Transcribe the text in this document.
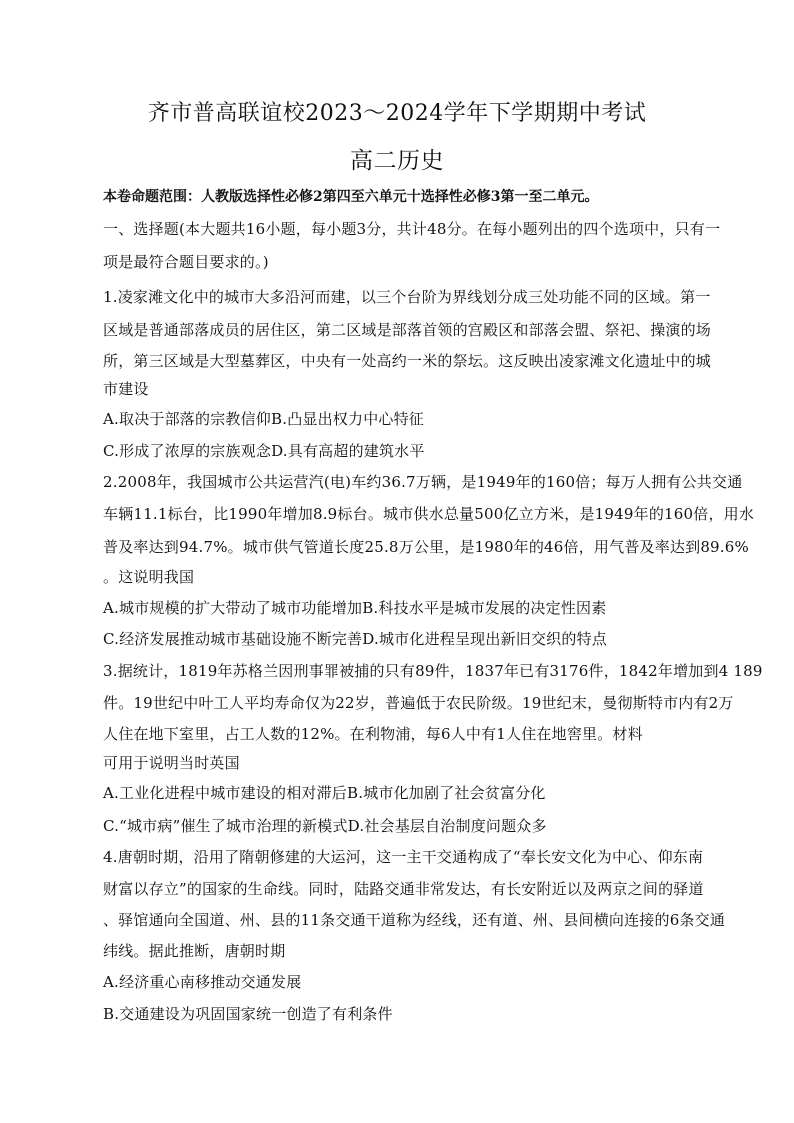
齐市普高联谊校2023～2024学年下学期期中考试
高二历史
本卷命题范围：人教版选择性必修2第四至六单元十选择性必修3第一至二单元。
一、选择题(本大题共16小题，每小题3分，共计48分。在每小题列出的四个选项中，只有一
项是最符合题目要求的。)
1.凌家滩文化中的城市大多沿河而建，以三个台阶为界线划分成三处功能不同的区域。第一
区域是普通部落成员的居住区，第二区域是部落首领的宫殿区和部落会盟、祭祀、操演的场
所，第三区域是大型墓葬区，中央有一处高约一米的祭坛。这反映出凌家滩文化遗址中的城
市建设
A.取决于部落的宗教信仰B.凸显出权力中心特征
C.形成了浓厚的宗族观念D.具有高超的建筑水平
2.2008年，我国城市公共运营汽(电)车约36.7万辆，是1949年的160倍；每万人拥有公共交通
车辆11.1标台，比1990年增加8.9标台。城市供水总量500亿立方米，是1949年的160倍，用水
普及率达到94.7%。城市供气管道长度25.8万公里，是1980年的46倍，用气普及率达到89.6%
。这说明我国
A.城市规模的扩大带动了城市功能增加B.科技水平是城市发展的决定性因素
C.经济发展推动城市基础设施不断完善D.城市化进程呈现出新旧交织的特点
3.据统计，1819年苏格兰因刑事罪被捕的只有89件，1837年已有3176件，1842年增加到4 189
件。19世纪中叶工人平均寿命仅为22岁，普遍低于农民阶级。19世纪末，曼彻斯特市内有2万
人住在地下室里，占工人数的12%。在利物浦，每6人中有1人住在地窖里。材料
可用于说明当时英国
A.工业化进程中城市建设的相对滞后B.城市化加剧了社会贫富分化
C.“城市病”催生了城市治理的新模式D.社会基层自治制度问题众多
4.唐朝时期，沿用了隋朝修建的大运河，这一主干交通构成了“奉长安文化为中心、仰东南
财富以存立”的国家的生命线。同时，陆路交通非常发达，有长安附近以及两京之间的驿道
、驿馆通向全国道、州、县的11条交通干道称为经线，还有道、州、县间横向连接的6条交通
纬线。据此推断，唐朝时期
A.经济重心南移推动交通发展
B.交通建设为巩固国家统一创造了有利条件
